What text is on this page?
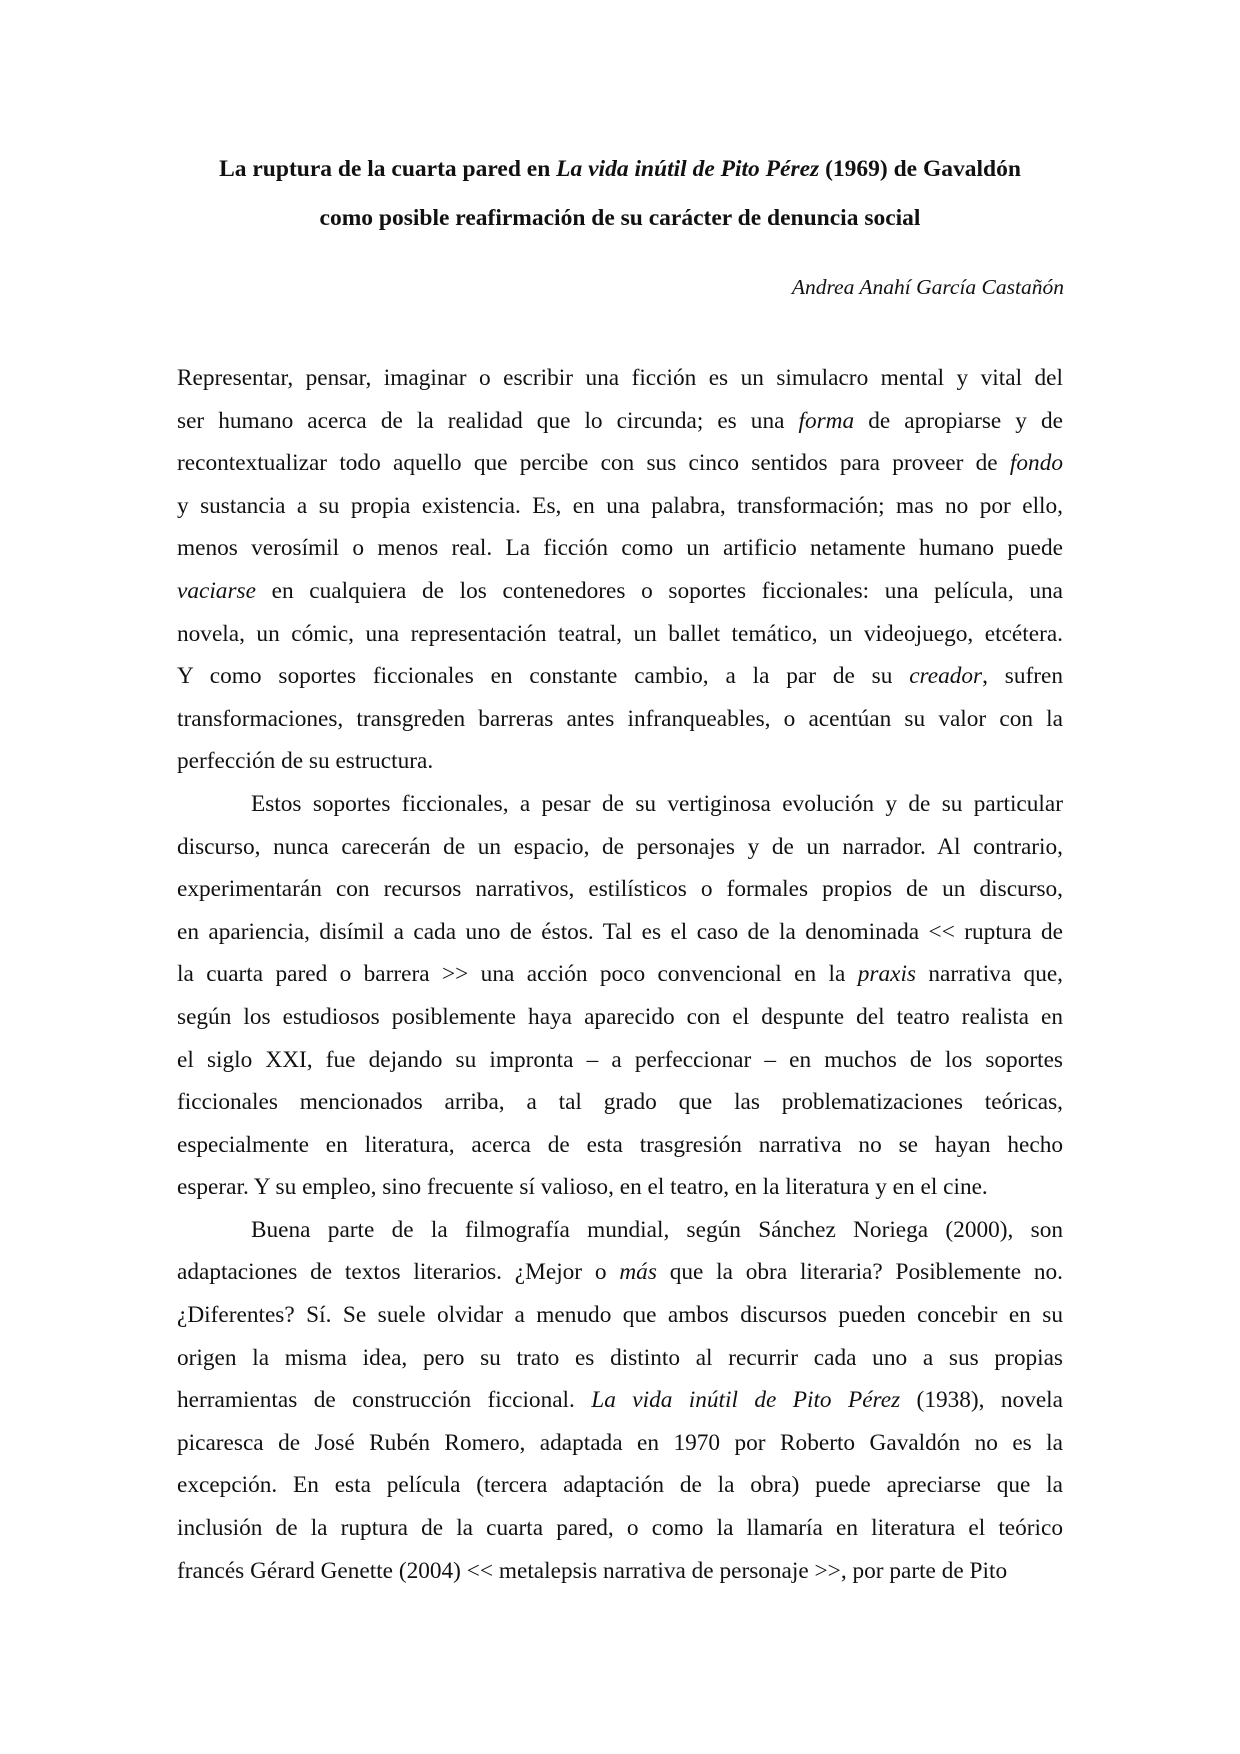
La ruptura de la cuarta pared en La vida inútil de Pito Pérez (1969) de Gavaldón
como posible reafirmación de su carácter de denuncia social

Andrea Anahí García Castañón

Representar, pensar, imaginar o escribir una ficción es un simulacro mental y vital del
ser humano acerca de la realidad que lo circunda; es una forma de apropiarse y de
recontextualizar todo aquello que percibe con sus cinco sentidos para proveer de fondo
y sustancia a su propia existencia. Es, en una palabra, transformación; mas no por ello,
menos verosímil o menos real. La ficción como un artificio netamente humano puede
vaciarse en cualquiera de los contenedores o soportes ficcionales: una película, una
novela, un cómic, una representación teatral, un ballet temático, un videojuego, etcétera.
Y como soportes ficcionales en constante cambio, a la par de su creador, sufren
transformaciones, transgreden barreras antes infranqueables, o acentúan su valor con la
perfección de su estructura.

Estos soportes ficcionales, a pesar de su vertiginosa evolución y de su particular
discurso, nunca carecerán de un espacio, de personajes y de un narrador. Al contrario,
experimentarán con recursos narrativos, estilísticos o formales propios de un discurso,
en apariencia, disímil a cada uno de éstos. Tal es el caso de la denominada << ruptura de
la cuarta pared o barrera >> una acción poco convencional en la praxis narrativa que,
según los estudiosos posiblemente haya aparecido con el despunte del teatro realista en
el siglo XXI, fue dejando su impronta – a perfeccionar – en muchos de los soportes
ficcionales mencionados arriba, a tal grado que las problematizaciones teóricas,
especialmente en literatura, acerca de esta trasgresión narrativa no se hayan hecho
esperar. Y su empleo, sino frecuente sí valioso, en el teatro, en la literatura y en el cine.

Buena parte de la filmografía mundial, según Sánchez Noriega (2000), son
adaptaciones de textos literarios. ¿Mejor o más que la obra literaria? Posiblemente no.
¿Diferentes? Sí. Se suele olvidar a menudo que ambos discursos pueden concebir en su
origen la misma idea, pero su trato es distinto al recurrir cada uno a sus propias
herramientas de construcción ficcional. La vida inútil de Pito Pérez (1938), novela
picaresca de José Rubén Romero, adaptada en 1970 por Roberto Gavaldón no es la
excepción. En esta película (tercera adaptación de la obra) puede apreciarse que la
inclusión de la ruptura de la cuarta pared, o como la llamaría en literatura el teórico
francés Gérard Genette (2004) << metalepsis narrativa de personaje >>, por parte de Pito
